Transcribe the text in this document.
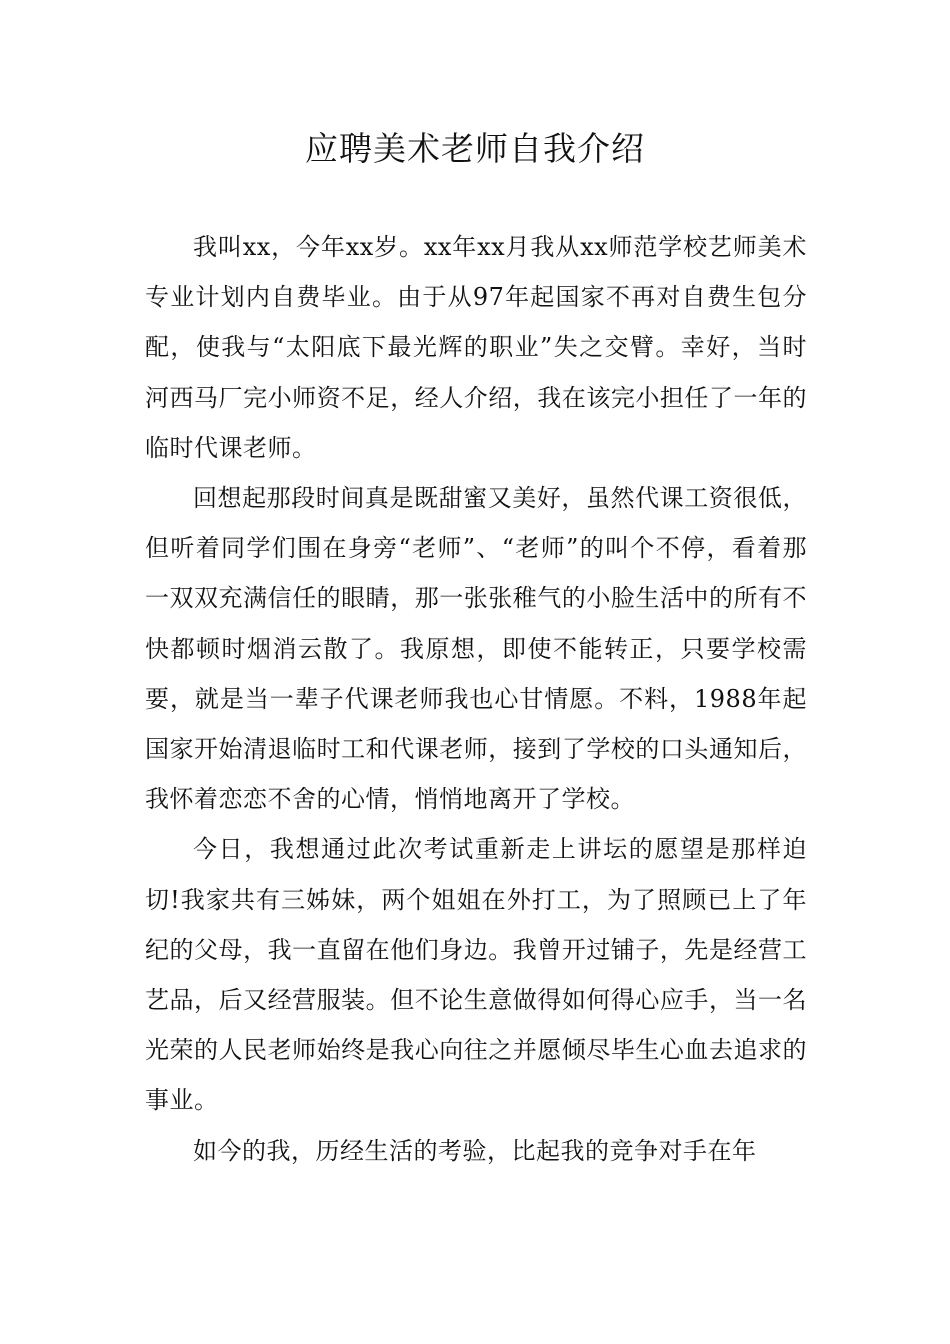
应聘美术老师自我介绍

我叫xx，今年xx岁。xx年xx月我从xx师范学校艺师美术专业计划内自费毕业。由于从97年起国家不再对自费生包分配，使我与“太阳底下最光辉的职业”失之交臂。幸好，当时河西马厂完小师资不足，经人介绍，我在该完小担任了一年的临时代课老师。

回想起那段时间真是既甜蜜又美好，虽然代课工资很低，但听着同学们围在身旁“老师”、“老师”的叫个不停，看着那一双双充满信任的眼睛，那一张张稚气的小脸生活中的所有不快都顿时烟消云散了。我原想，即使不能转正，只要学校需要，就是当一辈子代课老师我也心甘情愿。不料，1988年起国家开始清退临时工和代课老师，接到了学校的口头通知后，我怀着恋恋不舍的心情，悄悄地离开了学校。

今日，我想通过此次考试重新走上讲坛的愿望是那样迫切!我家共有三姊妹，两个姐姐在外打工，为了照顾已上了年纪的父母，我一直留在他们身边。我曾开过铺子，先是经营工艺品，后又经营服装。但不论生意做得如何得心应手，当一名光荣的人民老师始终是我心向往之并愿倾尽毕生心血去追求的事业。

如今的我，历经生活的考验，比起我的竞争对手在年
